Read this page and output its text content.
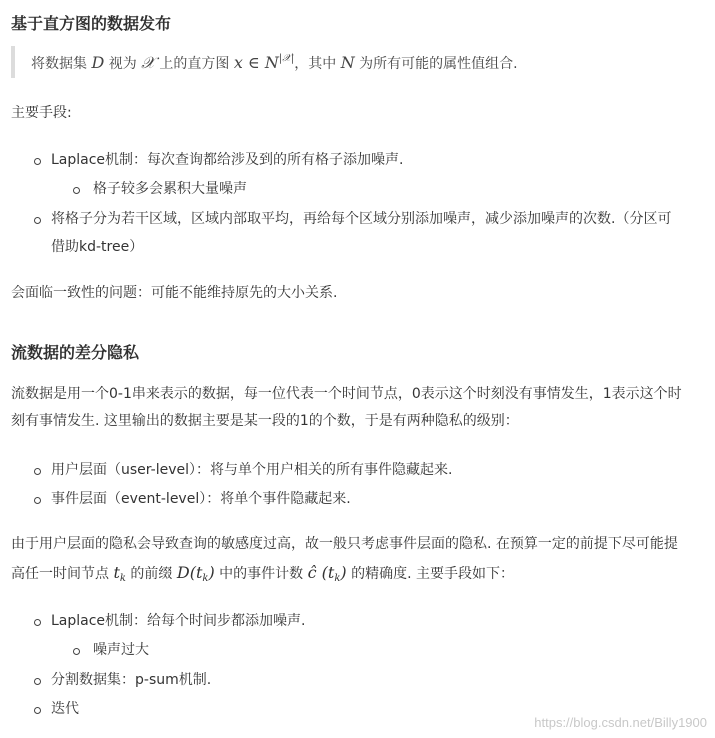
基于直方图的数据发布
将数据集 D 视为 𝒳 上的直方图 x ∈ $N^{|𝒳|}$，其中 N 为所有可能的属性值组合.

主要手段:

Laplace机制：每次查询都给涉及到的所有格子添加噪声.
格子较多会累积大量噪声
将格子分为若干区域，区域内部取平均，再给每个区域分别添加噪声，减少添加噪声的次数.（分区可
借助kd-tree）

会面临一致性的问题：可能不能维持原先的大小关系.

流数据的差分隐私

流数据是用一个0-1串来表示的数据，每一位代表一个时间节点，0表示这个时刻没有事情发生，1表示这个时

刻有事情发生. 这里输出的数据主要是某一段的1的个数，于是有两种隐私的级别：

用户层面（user-level）：将与单个用户相关的所有事件隐藏起来.
事件层面（event-level）：将单个事件隐藏起来.

由于用户层面的隐私会导致查询的敏感度过高，故一般只考虑事件层面的隐私. 在预算一定的前提下尽可能提

高任一时间节点 $t_k$ 的前缀 $D(t_k)$ 中的事件计数 ĉ $(t_k)$ 的精确度. 主要手段如下：

Laplace机制：给每个时间步都添加噪声.
噪声过大
分割数据集：p-sum机制.
迭代
https://blog.csdn.net/Billy1900
